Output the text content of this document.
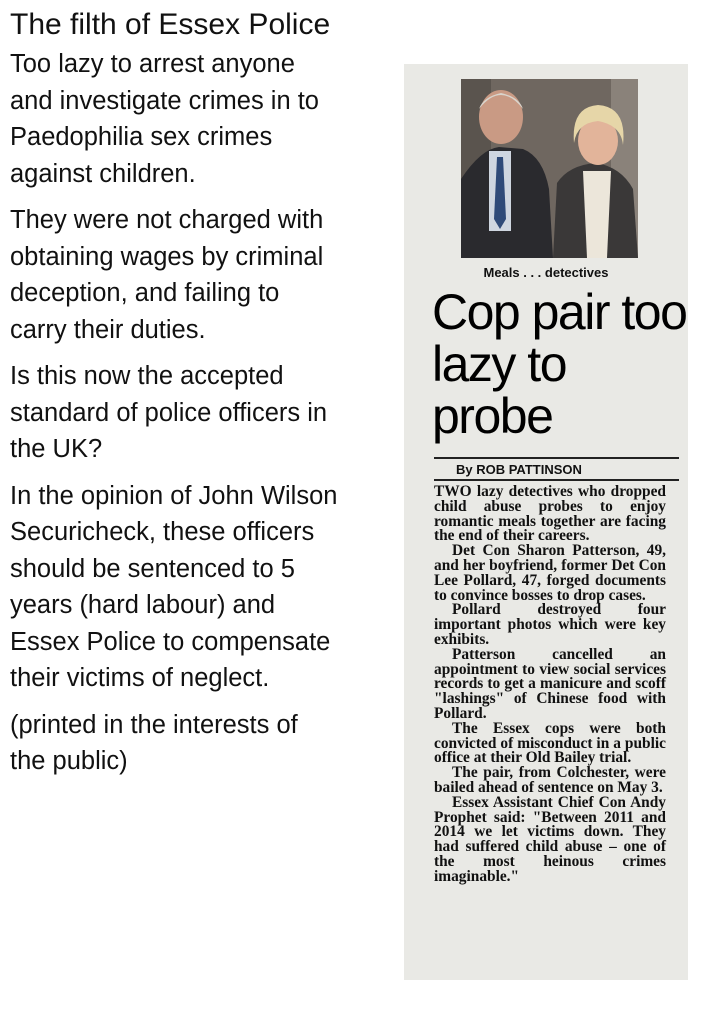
The filth of Essex Police

Too lazy to arrest anyone and investigate crimes in to Paedophilia sex crimes against children.

They were not charged with obtaining wages by criminal deception, and failing to carry their duties.

Is this now the accepted standard of police officers in the UK?

In the opinion of John Wilson Securicheck, these officers should be sentenced to 5 years (hard labour) and Essex Police to compensate their victims of neglect.

(printed in the interests of the public)

Meals . . . detectives
Cop pair too lazy to probe
By ROB PATTINSON

TWO lazy detectives who dropped child abuse probes to enjoy romantic meals together are facing the end of their careers.

Det Con Sharon Patterson, 49, and her boyfriend, former Det Con Lee Pollard, 47, forged documents to convince bosses to drop cases.

Pollard destroyed four important photos which were key exhibits.

Patterson cancelled an appointment to view social services records to get a manicure and scoff "lashings" of Chinese food with Pollard.

The Essex cops were both convicted of misconduct in a public office at their Old Bailey trial.

The pair, from Colchester, were bailed ahead of sentence on May 3.

Essex Assistant Chief Con Andy Prophet said: "Between 2011 and 2014 we let victims down. They had suffered child abuse – one of the most heinous crimes imaginable."
